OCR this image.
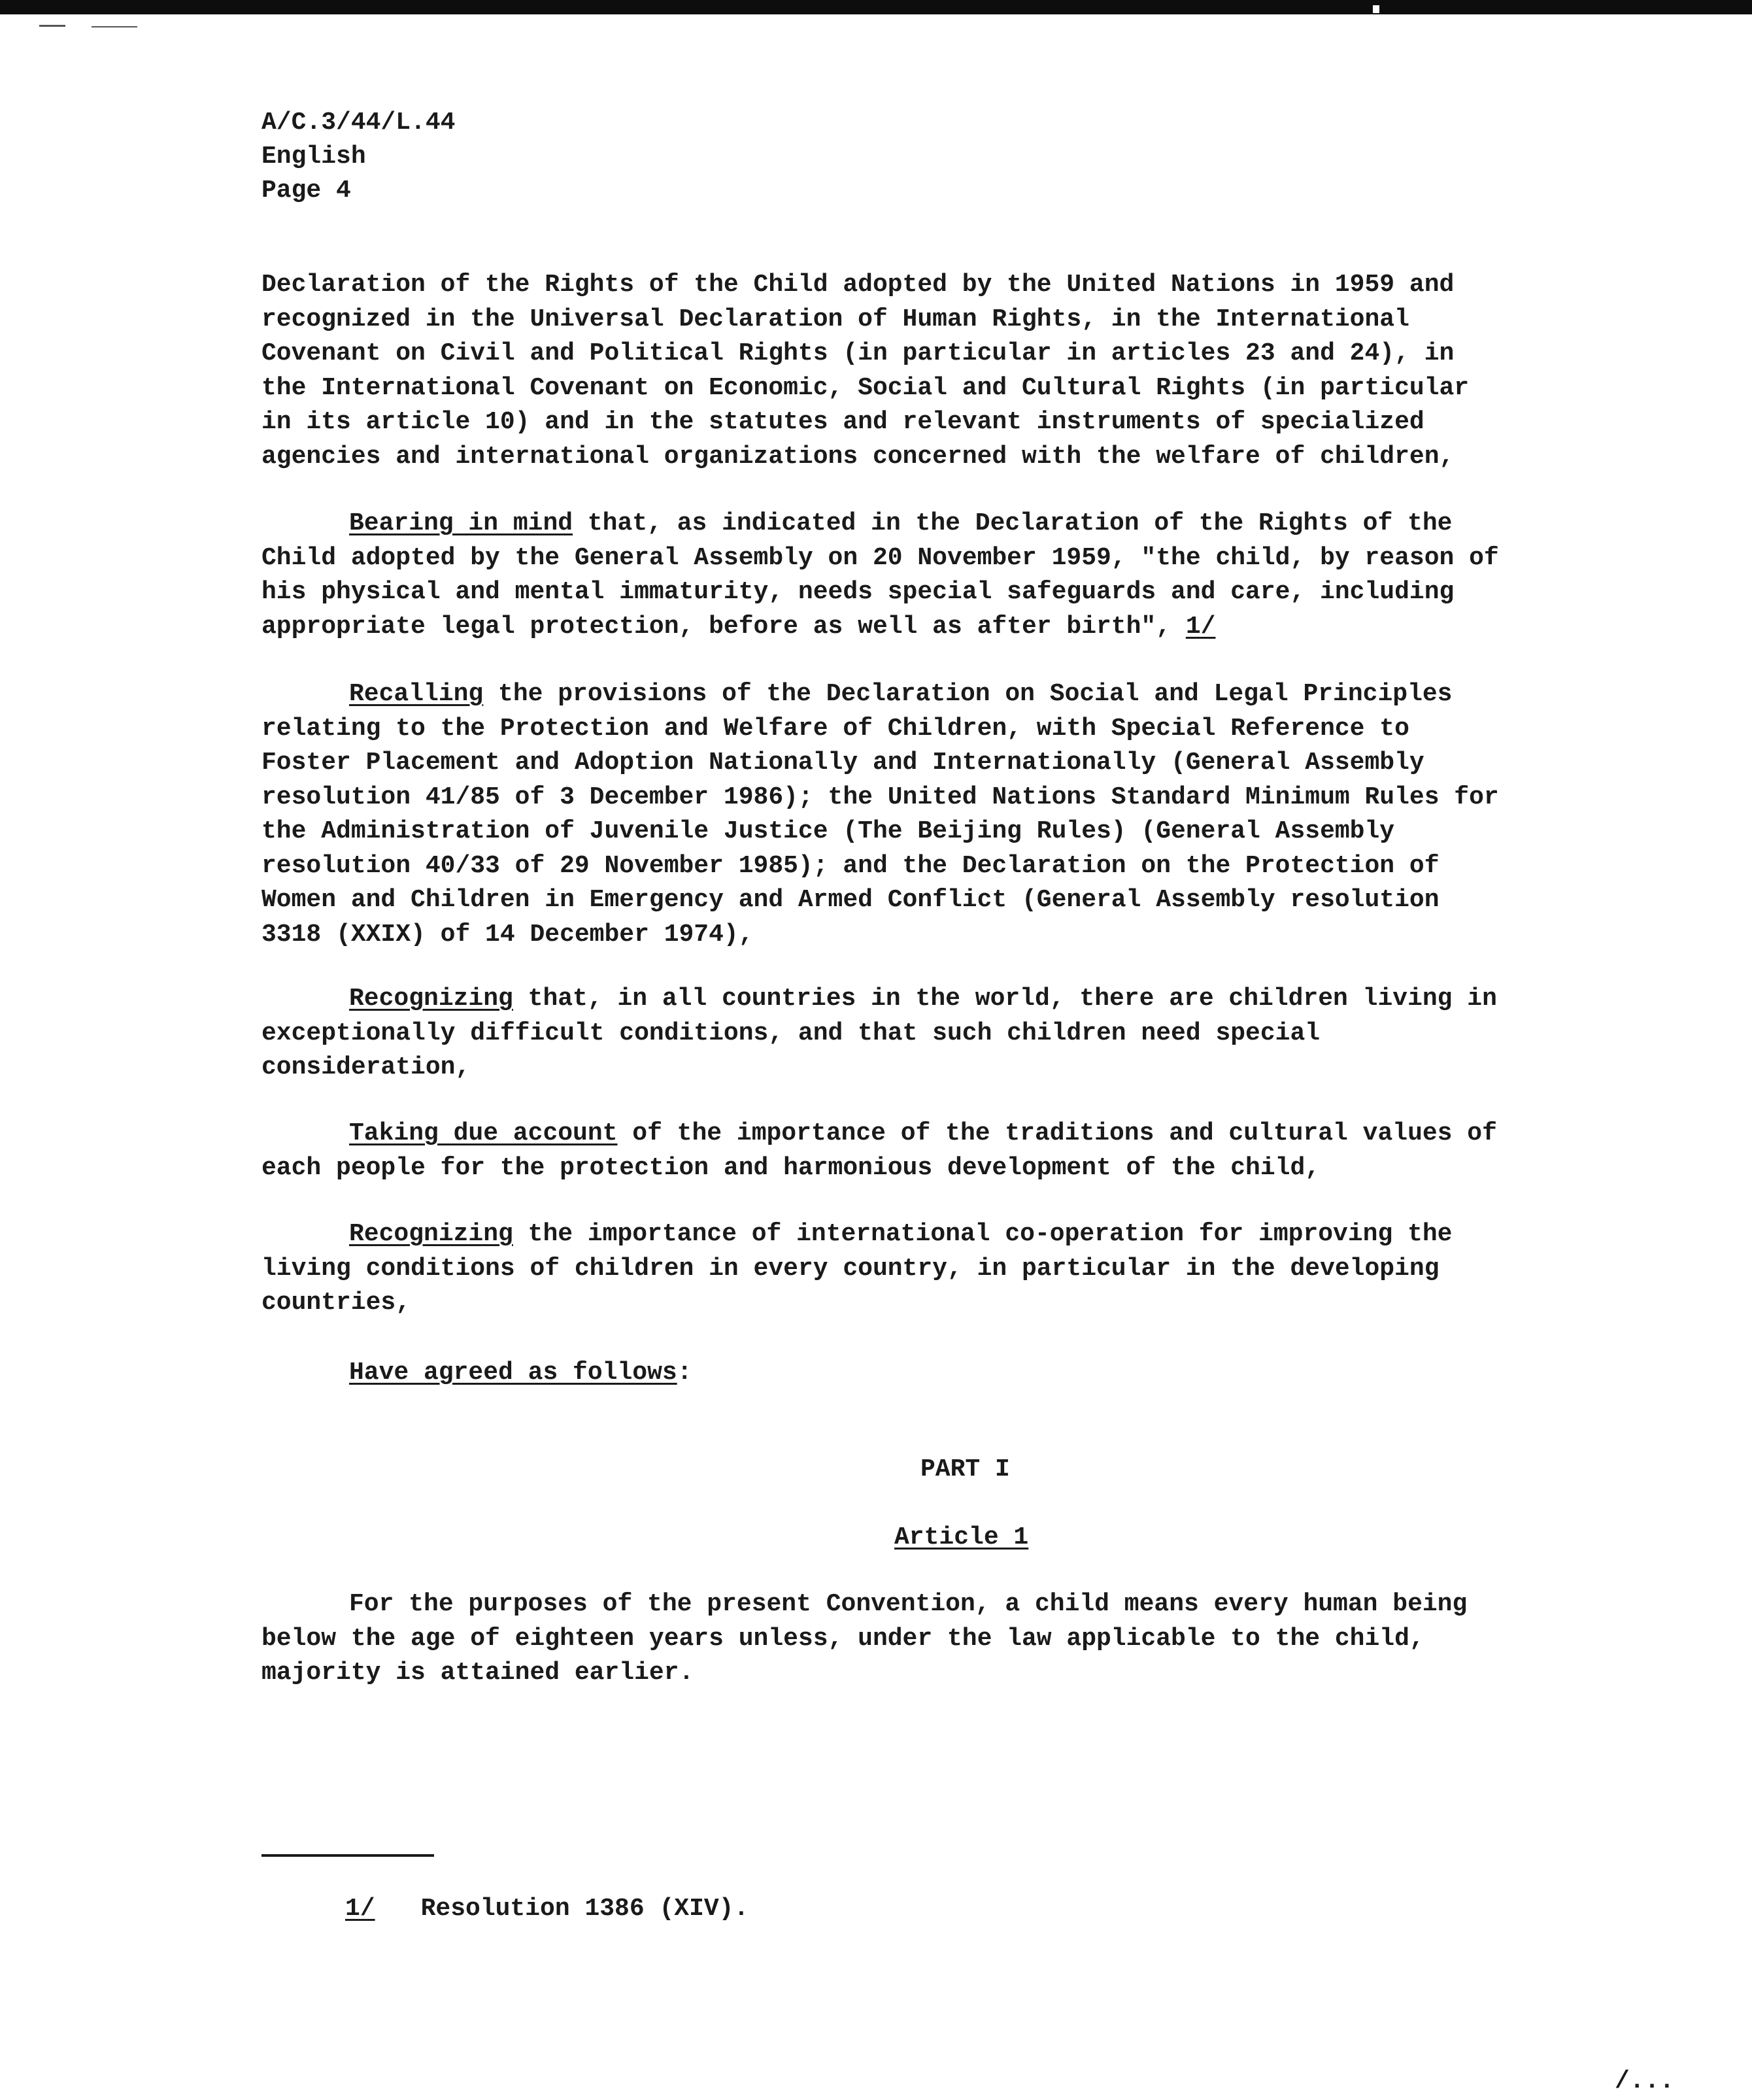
A/C.3/44/L.44
English
Page 4
Declaration of the Rights of the Child adopted by the United Nations in 1959 and
recognized in the Universal Declaration of Human Rights, in the International
Covenant on Civil and Political Rights (in particular in articles 23 and 24), in
the International Covenant on Economic, Social and Cultural Rights (in particular
in its article 10) and in the statutes and relevant instruments of specialized
agencies and international organizations concerned with the welfare of children,
Bearing in mind that, as indicated in the Declaration of the Rights of the
Child adopted by the General Assembly on 20 November 1959, "the child, by reason of
his physical and mental immaturity, needs special safeguards and care, including
appropriate legal protection, before as well as after birth", 1/
Recalling the provisions of the Declaration on Social and Legal Principles
relating to the Protection and Welfare of Children, with Special Reference to
Foster Placement and Adoption Nationally and Internationally (General Assembly
resolution 41/85 of 3 December 1986); the United Nations Standard Minimum Rules for
the Administration of Juvenile Justice (The Beijing Rules) (General Assembly
resolution 40/33 of 29 November 1985); and the Declaration on the Protection of
Women and Children in Emergency and Armed Conflict (General Assembly resolution
3318 (XXIX) of 14 December 1974),
Recognizing that, in all countries in the world, there are children living in
exceptionally difficult conditions, and that such children need special
consideration,
Taking due account of the importance of the traditions and cultural values of
each people for the protection and harmonious development of the child,
Recognizing the importance of international co-operation for improving the
living conditions of children in every country, in particular in the developing
countries,
Have agreed as follows:
PART I
Article 1
For the purposes of the present Convention, a child means every human being
below the age of eighteen years unless, under the law applicable to the child,
majority is attained earlier.
1/ Resolution 1386 (XIV).
/...
